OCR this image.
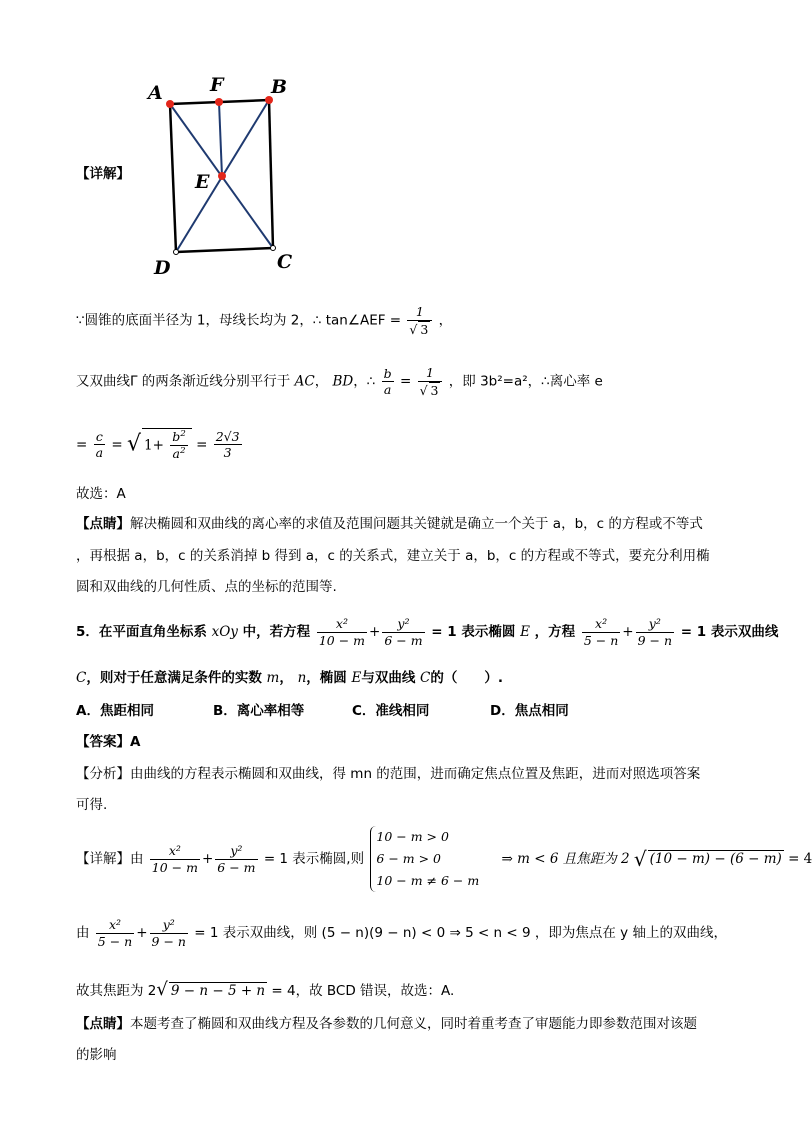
A F	B
E
D	C
【详解】
∵圆锥的底面半径为 1，母线长均为 2，∴ tan∠AEF = $\frac{1}{√ 3}$ ，
又双曲线Γ 的两条渐近线分别平行于 AC， BD，∴ $\frac{b}{a} = \frac{1}{√ 3}$ ，即 3b²=a²，∴离心率 e
= $\frac{c}{a}$ = √ $1+ \frac{b^2}{a^2} = \frac{2√3}{3}$
故选：A
【点睛】解决椭圆和双曲线的离心率的求值及范围问题其关键就是确立一个关于 a，b，c 的方程或不等式
，再根据 a，b，c 的关系消掉 b 得到 a，c 的关系式，建立关于 a，b，c 的方程或不等式，要充分利用椭
圆和双曲线的几何性质、点的坐标的范围等.
5．在平面直角坐标系 xOy 中，若方程 $\frac{\text{x²}}{10 - m} + \frac{\text{y²}}{6 - m} = 1$ 表示椭圆 E ，方程 $\frac{\text{x²}}{5 - n} + \frac{\text{y²}}{9 - n} = 1$ 表示双曲线
C，则对于任意满足条件的实数 m， n，椭圆 E与双曲线 C的（　　）.
A．焦距相同	B．离心率相等	C．准线相同	D．焦点相同
【答案】A
【分析】由曲线的方程表示椭圆和双曲线，得 mn 的范围，进而确定焦点位置及焦距，进而对照选项答案
可得.
【详解】由 $\frac{\text{x²}}{10 - m} + \frac{\text{y²}}{6 - m} = 1$ 表示椭圆,则
10 − m > 0
6 − m > 0
10 − m ≠ 6 − m
⇒ m < 6 且焦距为 2 √ (10 − m) − (6 − m) = 4
由 $\frac{\text{x²}}{5 - n} + \frac{\text{y²}}{9 - n} = 1$ 表示双曲线，则 (5 − n)(9 − n) < 0 ⇒ 5 < n < 9 ，即为焦点在 y 轴上的双曲线，
故其焦距为 2√ 9 − n − 5 + n = 4，故 BCD 错误，故选：A.
【点睛】本题考查了椭圆和双曲线方程及各参数的几何意义，同时着重考查了审题能力即参数范围对该题
的影响
